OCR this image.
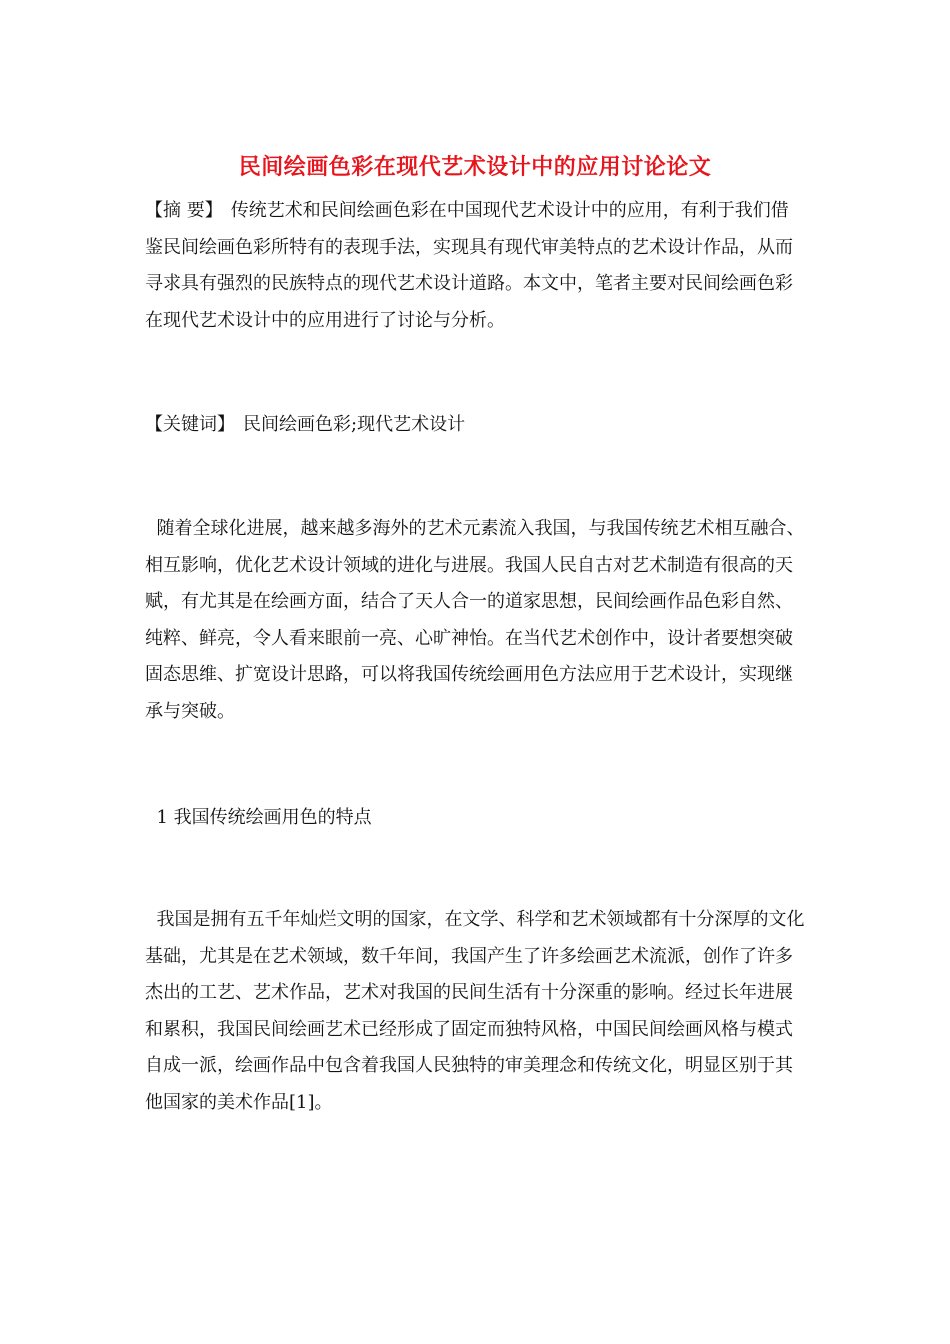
民间绘画色彩在现代艺术设计中的应用讨论论文

【摘 要】 传统艺术和民间绘画色彩在中国现代艺术设计中的应用，有利于我们借鉴民间绘画色彩所特有的表现手法，实现具有现代审美特点的艺术设计作品，从而寻求具有强烈的民族特点的现代艺术设计道路。本文中，笔者主要对民间绘画色彩在现代艺术设计中的应用进行了讨论与分析。

【关键词】 民间绘画色彩;现代艺术设计

随着全球化进展，越来越多海外的艺术元素流入我国，与我国传统艺术相互融合、相互影响，优化艺术设计领域的进化与进展。我国人民自古对艺术制造有很高的天赋，有尤其是在绘画方面，结合了天人合一的道家思想，民间绘画作品色彩自然、纯粹、鲜亮，令人看来眼前一亮、心旷神怡。在当代艺术创作中，设计者要想突破固态思维、扩宽设计思路，可以将我国传统绘画用色方法应用于艺术设计，实现继承与突破。

1 我国传统绘画用色的特点

我国是拥有五千年灿烂文明的国家，在文学、科学和艺术领域都有十分深厚的文化基础，尤其是在艺术领域，数千年间，我国产生了许多绘画艺术流派，创作了许多杰出的工艺、艺术作品，艺术对我国的民间生活有十分深重的影响。经过长年进展和累积，我国民间绘画艺术已经形成了固定而独特风格，中国民间绘画风格与模式自成一派，绘画作品中包含着我国人民独特的审美理念和传统文化，明显区别于其他国家的美术作品[1]。
